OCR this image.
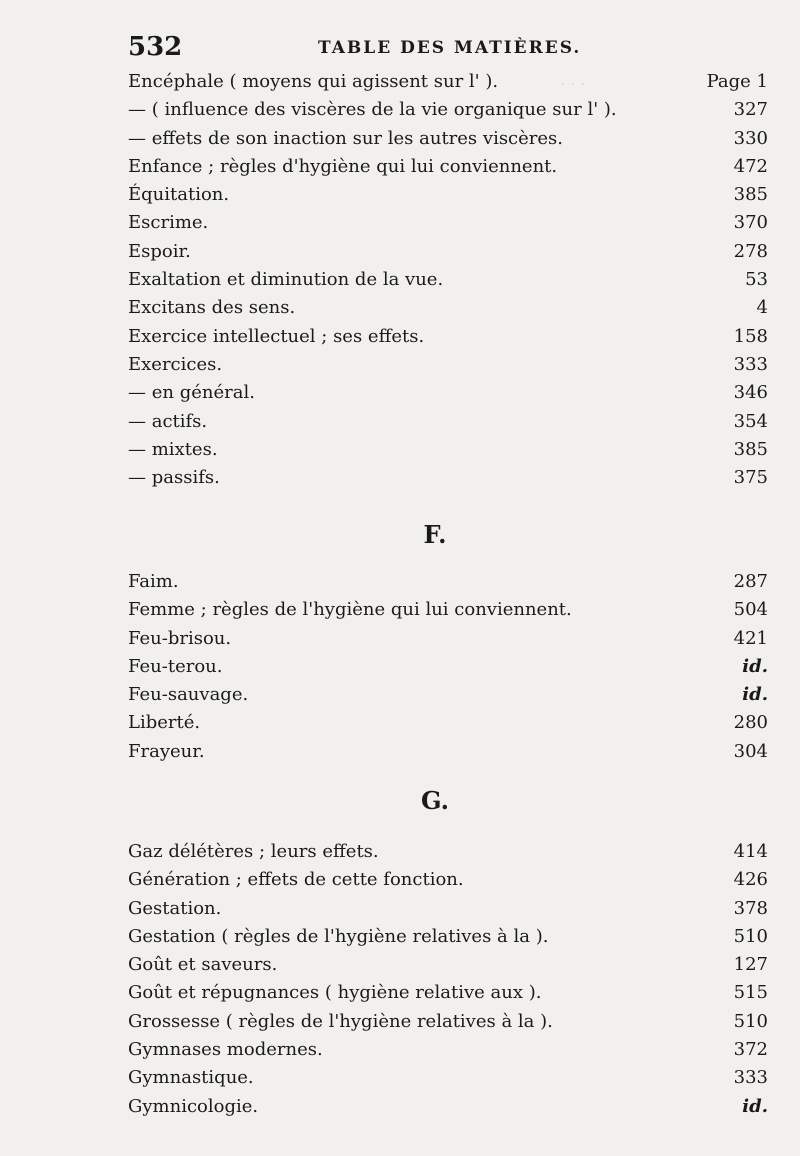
. . .
532	TABLE DES MATIÈRES.
Encéphale ( moyens qui agissent sur l' ).	Page 1
— ( influence des viscères de la vie organique sur l' ).	327
— effets de son inaction sur les autres viscères.	330
Enfance ; règles d'hygiène qui lui conviennent.	472
Équitation.	385
Escrime.	370
Espoir.	278
Exaltation et diminution de la vue.	53
Excitans des sens.	4
Exercice intellectuel ; ses effets.	158
Exercices.	333
— en général.	346
— actifs.	354
— mixtes.	385
— passifs.	375
F.
Faim.	287
Femme ; règles de l'hygiène qui lui conviennent.	504
Feu-brisou.	421
Feu-terou.	id.
Feu-sauvage.	id.
Liberté.	280
Frayeur.	304
G.
Gaz délétères ; leurs effets.	414
Génération ; effets de cette fonction.	426
Gestation.	378
Gestation ( règles de l'hygiène relatives à la ).	510
Goût et saveurs.	127
Goût et répugnances ( hygiène relative aux ).	515
Grossesse ( règles de l'hygiène relatives à la ).	510
Gymnases modernes.	372
Gymnastique.	333
Gymnicologie.	id.
